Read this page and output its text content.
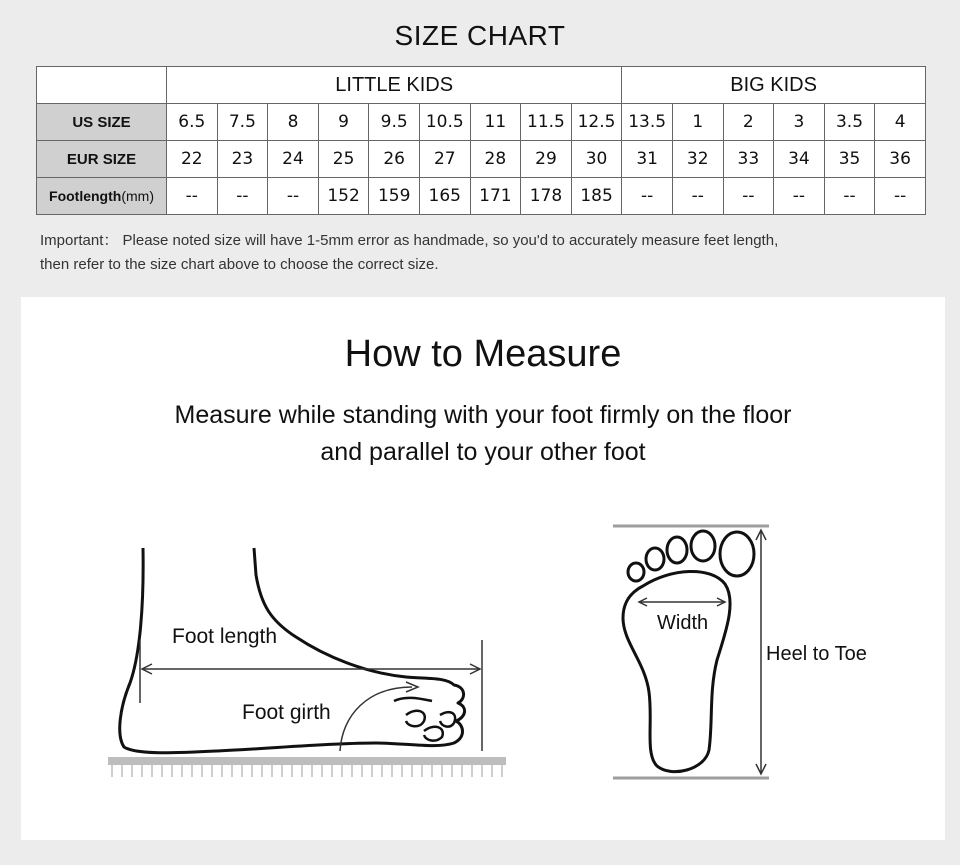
SIZE CHART
	LITTLE KIDS									BIG KIDS					
US SIZE	6.5	7.5	8	9	9.5	10.5	11	11.5	12.5	13.5	1	2	3	3.5	4
EUR SIZE	22	23	24	25	26	27	28	29	30	31	32	33	34	35	36
Footlength(mm)	--	--	--	152	159	165	171	178	185	--	--	--	--	--	--
Important： Please noted size will have 1-5mm error as handmade, so you'd to accurately measure feet length,
then refer to the size chart above to choose the correct size.
How to Measure
Measure while standing with your foot firmly on the floor
and parallel to your other foot
Foot length
Foot girth
Width
Heel to Toe
